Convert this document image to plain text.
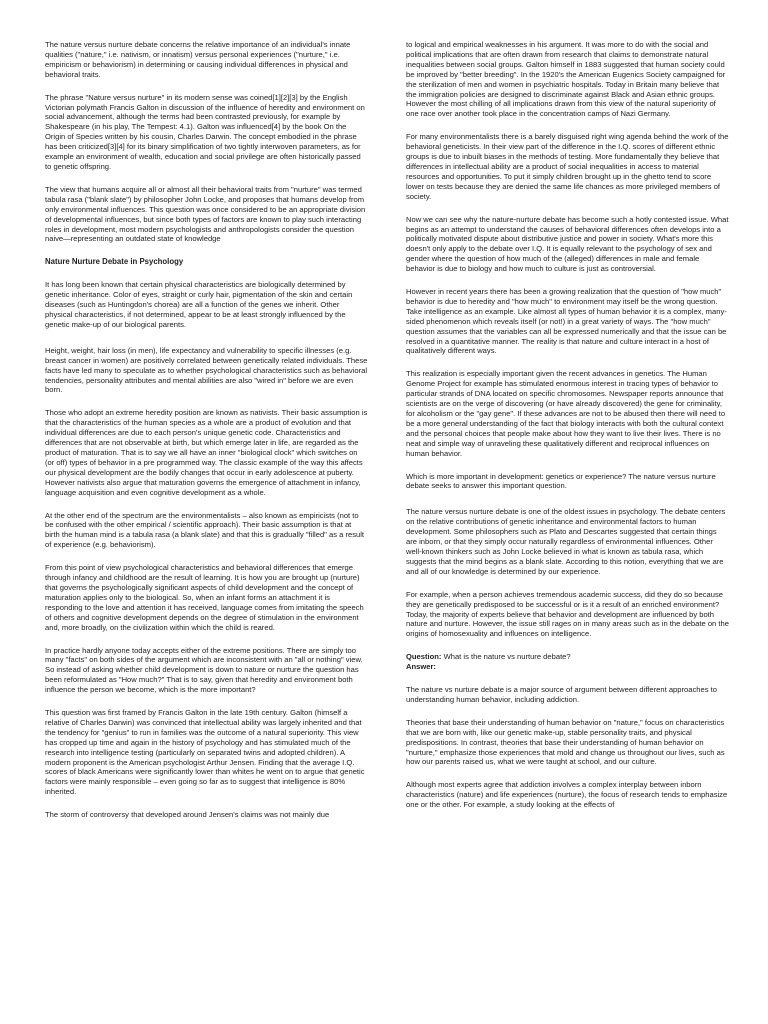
The nature versus nurture debate concerns the relative importance of an individual's innate qualities ("nature," i.e. nativism, or innatism) versus personal experiences ("nurture," i.e. empiricism or behaviorism) in determining or causing individual differences in physical and behavioral traits.

The phrase "Nature versus nurture" in its modern sense was coined[1][2][3] by the English Victorian polymath Francis Galton in discussion of the influence of heredity and environment on social advancement, although the terms had been contrasted previously, for example by Shakespeare (in his play, The Tempest: 4.1). Galton was influenced[4] by the book On the Origin of Species written by his cousin, Charles Darwin. The concept embodied in the phrase has been criticized[3][4] for its binary simplification of two tightly interwoven parameters, as for example an environment of wealth, education and social privilege are often historically passed to genetic offspring.

The view that humans acquire all or almost all their behavioral traits from "nurture" was termed tabula rasa ("blank slate") by philosopher John Locke, and proposes that humans develop from only environmental influences. This question was once considered to be an appropriate division of developmental influences, but since both types of factors are known to play such interacting roles in development, most modern psychologists and anthropologists consider the question naive—representing an outdated state of knowledge

Nature Nurture Debate in Psychology

It has long been known that certain physical characteristics are biologically determined by genetic inheritance. Color of eyes, straight or curly hair, pigmentation of the skin and certain diseases (such as Huntingdon's chorea) are all a function of the genes we inherit. Other physical characteristics, if not determined, appear to be at least strongly influenced by the genetic make-up of our biological parents.

Height, weight, hair loss (in men), life expectancy and vulnerability to specific illnesses (e.g. breast cancer in women) are positively correlated between genetically related individuals. These facts have led many to speculate as to whether psychological characteristics such as behavioral tendencies, personality attributes and mental abilities are also "wired in" before we are even born.

Those who adopt an extreme heredity position are known as nativists. Their basic assumption is that the characteristics of the human species as a whole are a product of evolution and that individual differences are due to each person's unique genetic code. Characteristics and differences that are not observable at birth, but which emerge later in life, are regarded as the product of maturation. That is to say we all have an inner "biological clock" which switches on (or off) types of behavior in a pre programmed way. The classic example of the way this affects our physical development are the bodily changes that occur in early adolescence at puberty. However nativists also argue that maturation governs the emergence of attachment in infancy, language acquisition and even cognitive development as a whole.

At the other end of the spectrum are the environmentalists – also known as empiricists (not to be confused with the other empirical / scientific approach). Their basic assumption is that at birth the human mind is a tabula rasa (a blank slate) and that this is gradually "filled" as a result of experience (e.g. behaviorism).

From this point of view psychological characteristics and behavioral differences that emerge through infancy and childhood are the result of learning. It is how you are brought up (nurture) that governs the psychologically significant aspects of child development and the concept of maturation applies only to the biological. So, when an infant forms an attachment it is responding to the love and attention it has received, language comes from imitating the speech of others and cognitive development depends on the degree of stimulation in the environment and, more broadly, on the civilization within which the child is reared.

In practice hardly anyone today accepts either of the extreme positions. There are simply too many "facts" on both sides of the argument which are inconsistent with an "all or nothing" view. So instead of asking whether child development is down to nature or nurture the question has been reformulated as "How much?" That is to say, given that heredity and environment both influence the person we become, which is the more important?

This question was first framed by Francis Galton in the late 19th century. Galton (himself a relative of Charles Darwin) was convinced that intellectual ability was largely inherited and that the tendency for "genius" to run in families was the outcome of a natural superiority. This view has cropped up time and again in the history of psychology and has stimulated much of the research into intelligence testing (particularly on separated twins and adopted children). A modern proponent is the American psychologist Arthur Jensen. Finding that the average I.Q. scores of black Americans were significantly lower than whites he went on to argue that genetic factors were mainly responsible – even going so far as to suggest that intelligence is 80% inherited.

The storm of controversy that developed around Jensen's claims was not mainly due

to logical and empirical weaknesses in his argument. It was more to do with the social and political implications that are often drawn from research that claims to demonstrate natural inequalities between social groups. Galton himself in 1883 suggested that human society could be improved by "better breeding". In the 1920's the American Eugenics Society campaigned for the sterilization of men and women in psychiatric hospitals. Today in Britain many believe that the immigration policies are designed to discriminate against Black and Asian ethnic groups. However the most chilling of all implications drawn from this view of the natural superiority of one race over another took place in the concentration camps of Nazi Germany.

For many environmentalists there is a barely disguised right wing agenda behind the work of the behavioral geneticists. In their view part of the difference in the I.Q. scores of different ethnic groups is due to inbuilt biases in the methods of testing. More fundamentally they believe that differences in intellectual ability are a product of social inequalities in access to material resources and opportunities. To put it simply children brought up in the ghetto tend to score lower on tests because they are denied the same life chances as more privileged members of society.

Now we can see why the nature-nurture debate has become such a hotly contested issue. What begins as an attempt to understand the causes of behavioral differences often develops into a politically motivated dispute about distributive justice and power in society. What's more this doesn't only apply to the debate over I.Q. It is equally relevant to the psychology of sex and gender where the question of how much of the (alleged) differences in male and female behavior is due to biology and how much to culture is just as controversial.

However in recent years there has been a growing realization that the question of "how much" behavior is due to heredity and "how much" to environment may itself be the wrong question. Take intelligence as an example. Like almost all types of human behavior it is a complex, many-sided phenomenon which reveals itself (or not!) in a great variety of ways. The "how much" question assumes that the variables can all be expressed numerically and that the issue can be resolved in a quantitative manner. The reality is that nature and culture interact in a host of qualitatively different ways.

This realization is especially important given the recent advances in genetics. The Human Genome Project for example has stimulated enormous interest in tracing types of behavior to particular strands of DNA located on specific chromosomes. Newspaper reports announce that scientists are on the verge of discovering (or have already discovered) the gene for criminality, for alcoholism or the "gay gene". If these advances are not to be abused then there will need to be a more general understanding of the fact that biology interacts with both the cultural context and the personal choices that people make about how they want to live their lives. There is no neat and simple way of unraveling these qualitatively different and reciprocal influences on human behavior.

Which is more important in development: genetics or experience? The nature versus nurture debate seeks to answer this important question.

The nature versus nurture debate is one of the oldest issues in psychology. The debate centers on the relative contributions of genetic inheritance and environmental factors to human development. Some philosophers such as Plato and Descartes suggested that certain things are inborn, or that they simply occur naturally regardless of environmental influences. Other well-known thinkers such as John Locke believed in what is known as tabula rasa, which suggests that the mind begins as a blank slate. According to this notion, everything that we are and all of our knowledge is determined by our experience.

For example, when a person achieves tremendous academic success, did they do so because they are genetically predisposed to be successful or is it a result of an enriched environment? Today, the majority of experts believe that behavior and development are influenced by both nature and nurture. However, the issue still rages on in many areas such as in the debate on the origins of homosexuality and influences on intelligence.

Question: What is the nature vs nurture debate?
Answer:

The nature vs nurture debate is a major source of argument between different approaches to understanding human behavior, including addiction.

Theories that base their understanding of human behavior on "nature," focus on characteristics that we are born with, like our genetic make-up, stable personality traits, and physical predispositions. In contrast, theories that base their understanding of human behavior on "nurture," emphasize those experiences that mold and change us throughout our lives, such as how our parents raised us, what we were taught at school, and our culture.

Although most experts agree that addiction involves a complex interplay between inborn characteristics (nature) and life experiences (nurture), the focus of research tends to emphasize one or the other. For example, a study looking at the effects of
